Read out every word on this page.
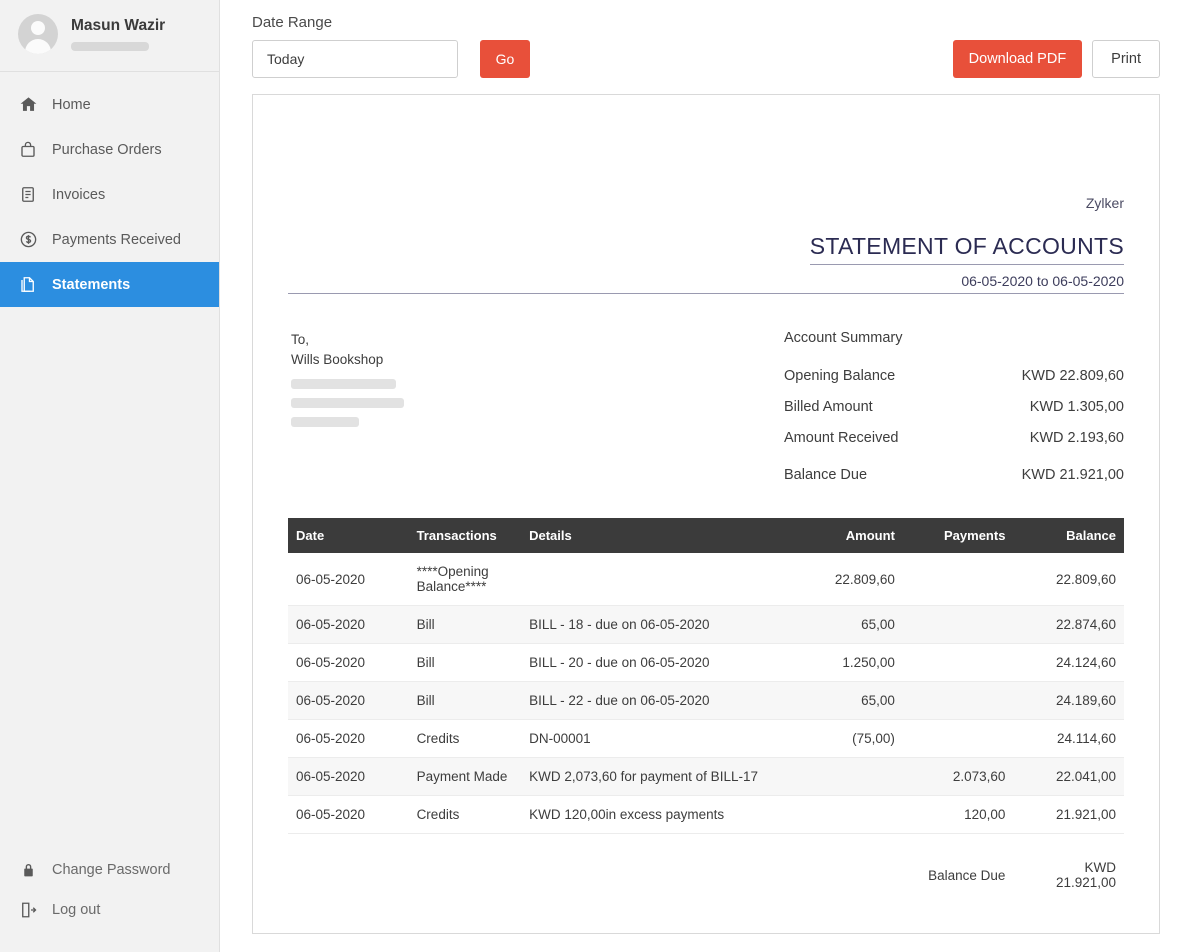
Masun Wazir
Home
Purchase Orders
Invoices
Payments Received
Statements
Change Password
Log out
Date Range
Today
Go	Download PDF	Print
Zylker
STATEMENT OF ACCOUNTS
06-05-2020 to 06-05-2020
To,
Wills Bookshop
Account Summary
Opening Balance	KWD 22.809,60
Billed Amount	KWD 1.305,00
Amount Received	KWD 2.193,60
Balance Due	KWD 21.921,00
Date	Transactions	Details	Amount	Payments	Balance
06-05-2020	****Opening Balance****		22.809,60		22.809,60
06-05-2020	Bill	BILL - 18 - due on 06-05-2020	65,00		22.874,60
06-05-2020	Bill	BILL - 20 - due on 06-05-2020	1.250,00		24.124,60
06-05-2020	Bill	BILL - 22 - due on 06-05-2020	65,00		24.189,60
06-05-2020	Credits	DN-00001	(75,00)		24.114,60
06-05-2020	Payment Made	KWD 2,073,60 for payment of BILL-17		2.073,60	22.041,00
06-05-2020	Credits	KWD 120,00in excess payments		120,00	21.921,00
			Balance Due		KWD 21.921,00
